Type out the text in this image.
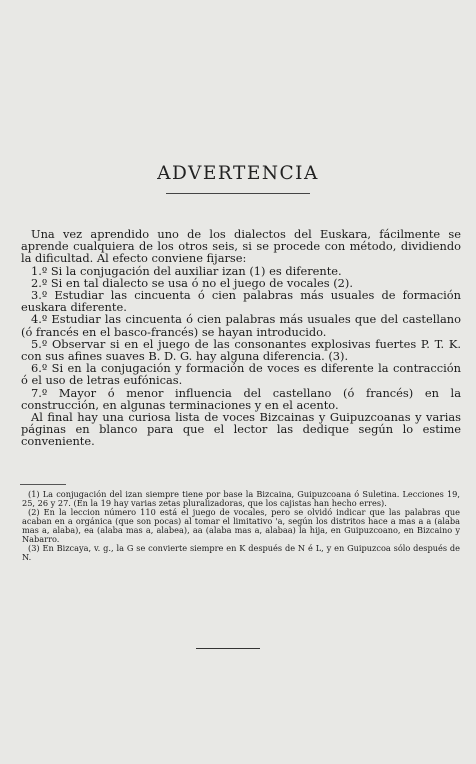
ADVERTENCIA

Una vez aprendido uno de los dialectos del Euskara, fácilmente se aprende cualquiera de los otros seis, si se procede con método, dividiendo la dificultad. Al efecto conviene fijarse:

1.º Si la conjugación del auxiliar izan (1) es diferente.

2.º Si en tal dialecto se usa ó no el juego de vocales (2).

3.º Estudiar las cincuenta ó cien palabras más usuales de formación euskara diferente.

4.º Estudiar las cincuenta ó cien palabras más usuales que del castellano (ó francés en el basco-francés) se hayan introducido.

5.º Observar si en el juego de las consonantes explosivas fuertes P. T. K. con sus afines suaves B. D. G. hay alguna diferencia. (3).

6.º Si en la conjugación y formación de voces es diferente la contracción ó el uso de letras eufónicas.

7.º Mayor ó menor influencia del castellano (ó francés) en la construcción, en algunas terminaciones y en el acento.

Al final hay una curiosa lista de voces Bizcainas y Guipuzcoanas y varias páginas en blanco para que el lector las dedique según lo estime conveniente.

(1) La conjugación del izan siempre tiene por base la Bizcaina, Guipuzcoana ó Suletina. Lecciones 19, 25, 26 y 27. (En la 19 hay varias zetas pluralizadoras, que los cajistas han hecho erres).

(2) En la leccion número 110 está el juego de vocales, pero se olvidó indicar que las palabras que acaban en a orgánica (que son pocas) al tomar el limitativo 'a, según los distritos hace a mas a a (alaba mas a, alaba), ea (alaba mas a, alabea), aa (alaba mas a, alabaa) la hija, en Guipuzcoano, en Bizcaino y Nabarro.

(3) En Bizcaya, v. g., la G se convierte siempre en K después de N é L, y en Guipuzcoa sólo después de N.
